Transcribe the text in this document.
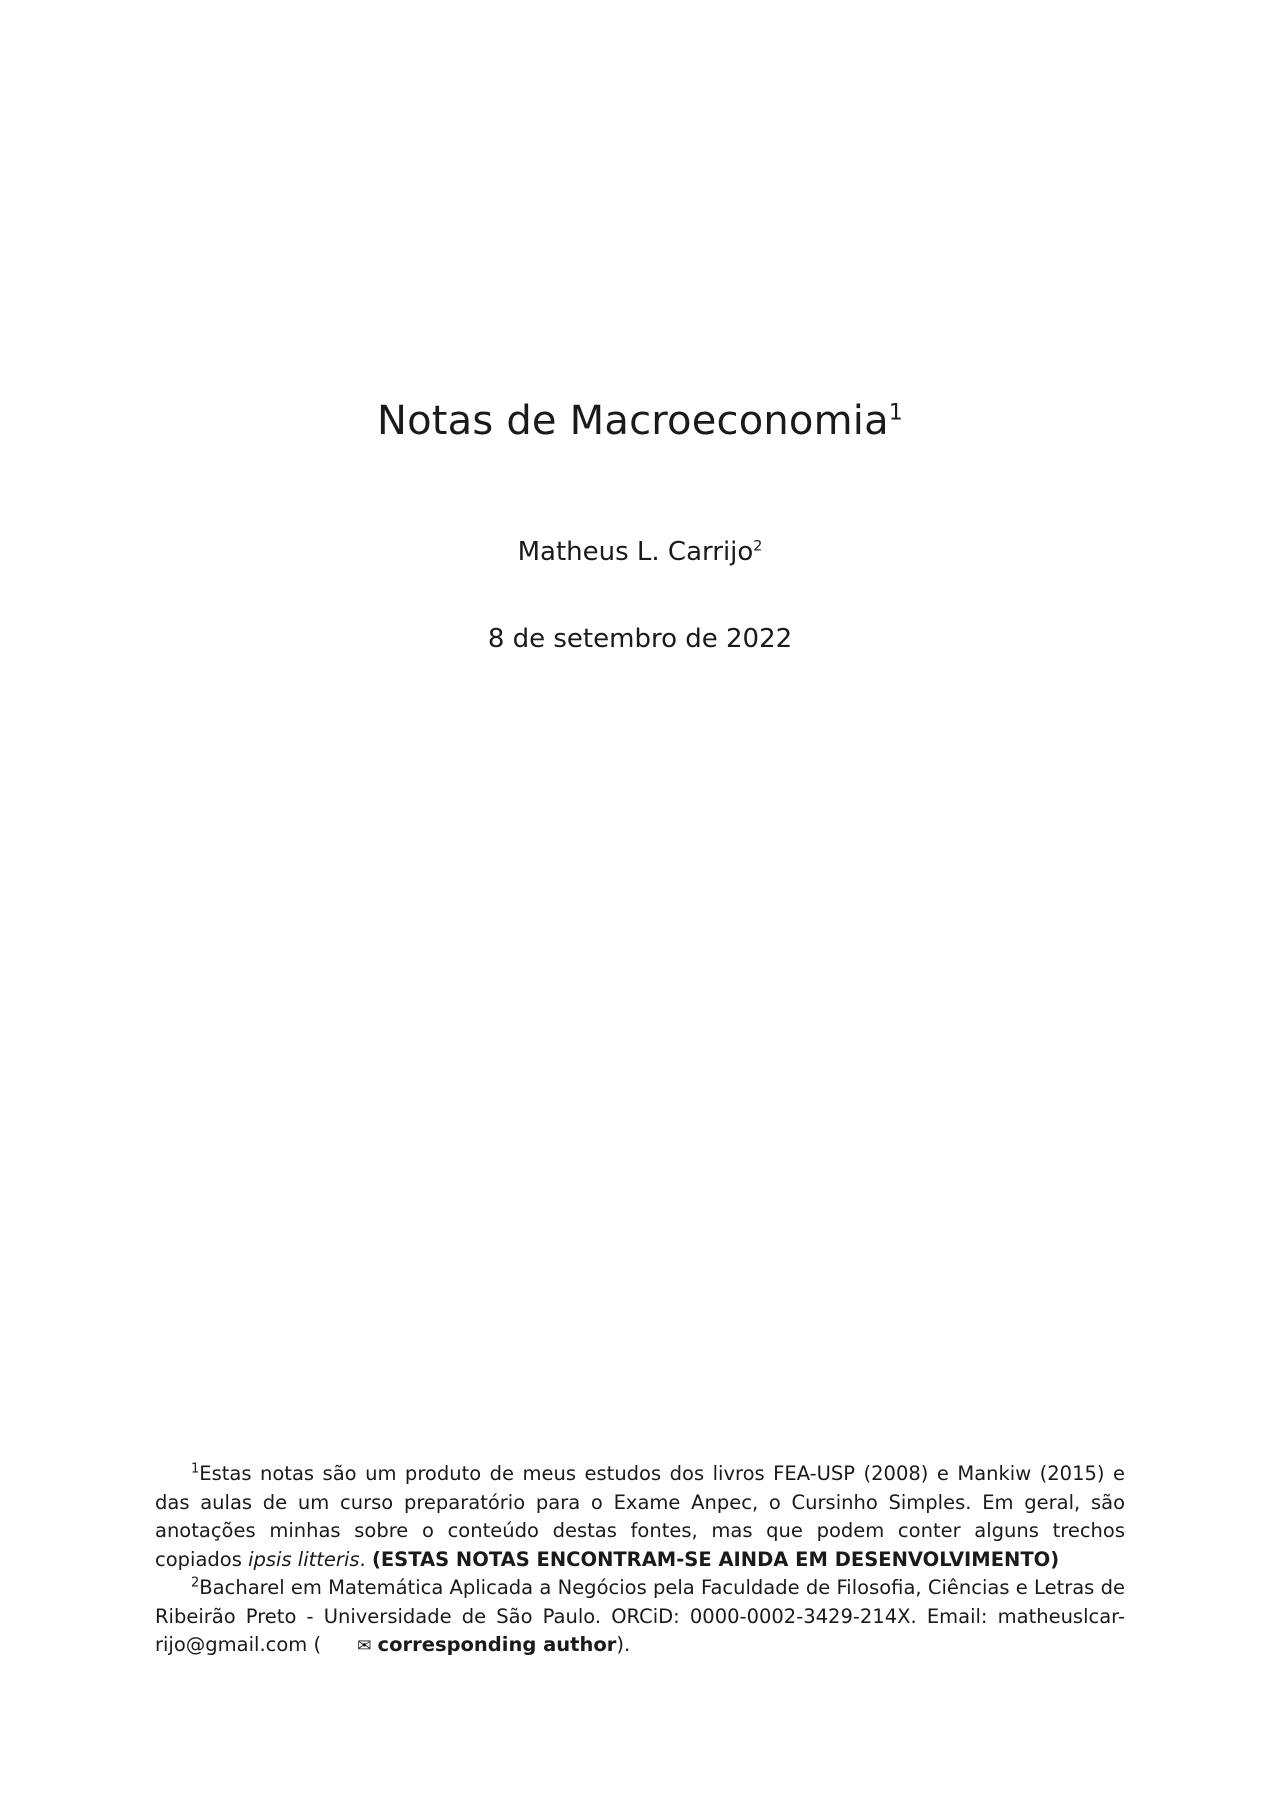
Notas de Macroeconomia$^1$

Matheus L. Carrijo$^2$

8 de setembro de 2022

$^1$Estas notas são um produto de meus estudos dos livros FEA-USP (2008) e Mankiw (2015) e das aulas de um curso preparatório para o Exame Anpec, o Cursinho Simples. Em geral, são anotações minhas sobre o conteúdo destas fontes, mas que podem conter alguns trechos copiados ipsis litteris. (ESTAS NOTAS ENCONTRAM-SE AINDA EM DESENVOLVIMENTO)

$^2$Bacharel em Matemática Aplicada a Negócios pela Faculdade de Filosofia, Ciências e Letras de Ribeirão Preto - Universidade de São Paulo. ORCiD: 0000-0002-3429-214X. Email: matheuslcar-rijo@gmail.com ( ✉︎ corresponding author).
